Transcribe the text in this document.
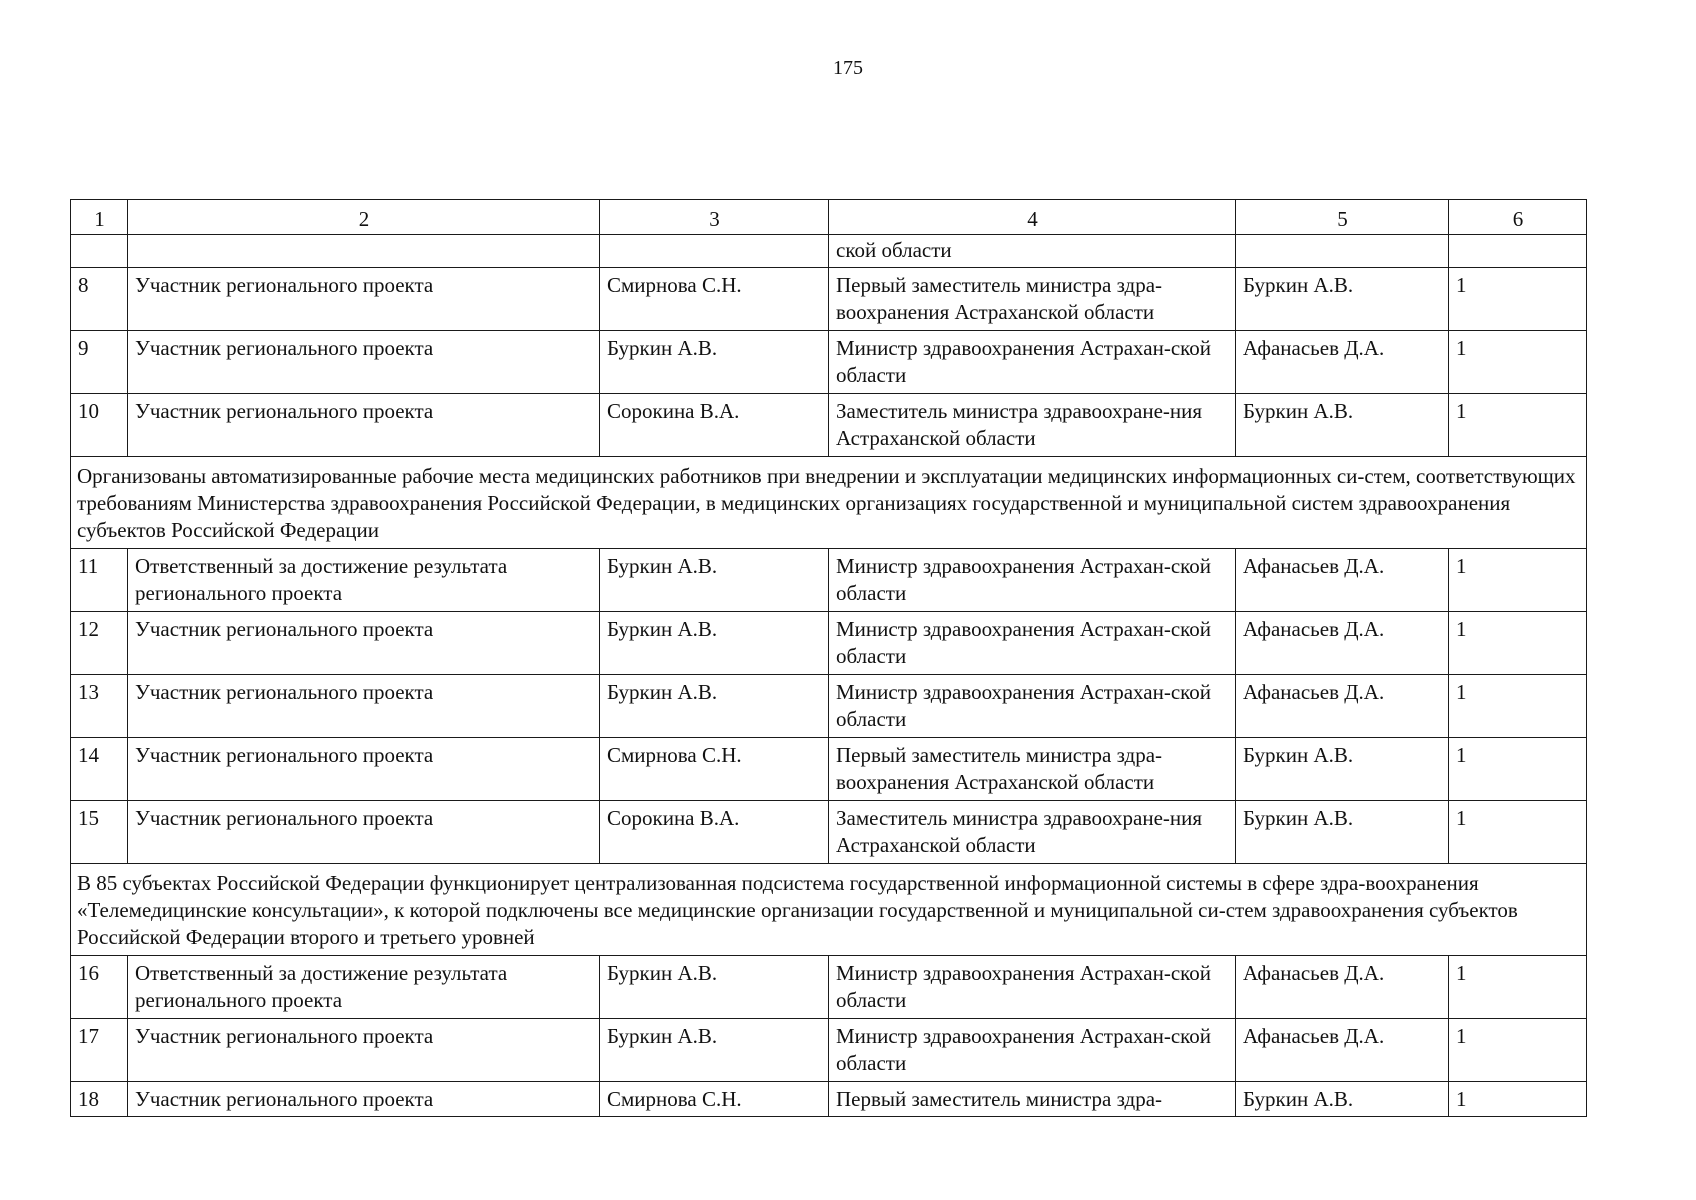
175
1	2	3	4	5	6
			ской области		
8	Участник регионального проекта	Смирнова С.Н.	Первый заместитель министра здра-воохранения Астраханской области	Буркин А.В.	1
9	Участник регионального проекта	Буркин А.В.	Министр здравоохранения Астрахан-ской области	Афанасьев Д.А.	1
10	Участник регионального проекта	Сорокина В.А.	Заместитель министра здравоохране-ния Астраханской области	Буркин А.В.	1
Организованы автоматизированные рабочие места медицинских работников при внедрении и эксплуатации медицинских информационных си-стем, соответствующих требованиям Министерства здравоохранения Российской Федерации, в медицинских организациях государственной и муниципальной систем здравоохранения субъектов Российской Федерации					
11	Ответственный за достижение результата регионального проекта	Буркин А.В.	Министр здравоохранения Астрахан-ской области	Афанасьев Д.А.	1
12	Участник регионального проекта	Буркин А.В.	Министр здравоохранения Астрахан-ской области	Афанасьев Д.А.	1
13	Участник регионального проекта	Буркин А.В.	Министр здравоохранения Астрахан-ской области	Афанасьев Д.А.	1
14	Участник регионального проекта	Смирнова С.Н.	Первый заместитель министра здра-воохранения Астраханской области	Буркин А.В.	1
15	Участник регионального проекта	Сорокина В.А.	Заместитель министра здравоохране-ния Астраханской области	Буркин А.В.	1
В 85 субъектах Российской Федерации функционирует централизованная подсистема государственной информационной системы в сфере здра-воохранения «Телемедицинские консультации», к которой подключены все медицинские организации государственной и муниципальной си-стем здравоохранения субъектов Российской Федерации второго и третьего уровней					
16	Ответственный за достижение результата регионального проекта	Буркин А.В.	Министр здравоохранения Астрахан-ской области	Афанасьев Д.А.	1
17	Участник регионального проекта	Буркин А.В.	Министр здравоохранения Астрахан-ской области	Афанасьев Д.А.	1
18	Участник регионального проекта	Смирнова С.Н.	Первый заместитель министра здра-	Буркин А.В.	1
